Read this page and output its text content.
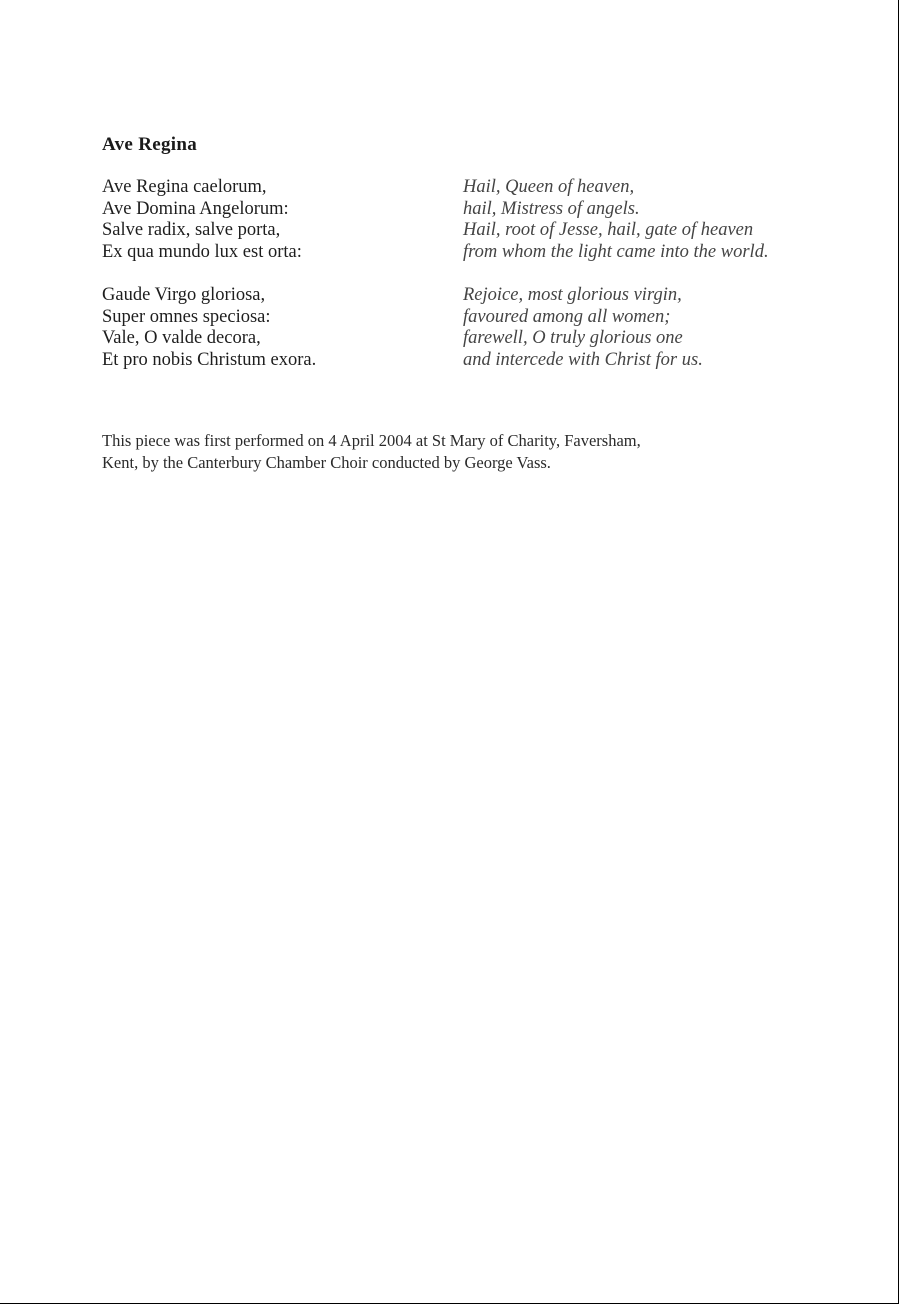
Ave Regina
Ave Regina caelorum,
Ave Domina Angelorum:
Salve radix, salve porta,
Ex qua mundo lux est orta:
Hail, Queen of heaven,
hail, Mistress of angels.
Hail, root of Jesse, hail, gate of heaven
from whom the light came into the world.
Gaude Virgo gloriosa,
Super omnes speciosa:
Vale, O valde decora,
Et pro nobis Christum exora.
Rejoice, most glorious virgin,
favoured among all women;
farewell, O truly glorious one
and intercede with Christ for us.
This piece was first performed on 4 April 2004 at St Mary of Charity, Faversham,
Kent, by the Canterbury Chamber Choir conducted by George Vass.
